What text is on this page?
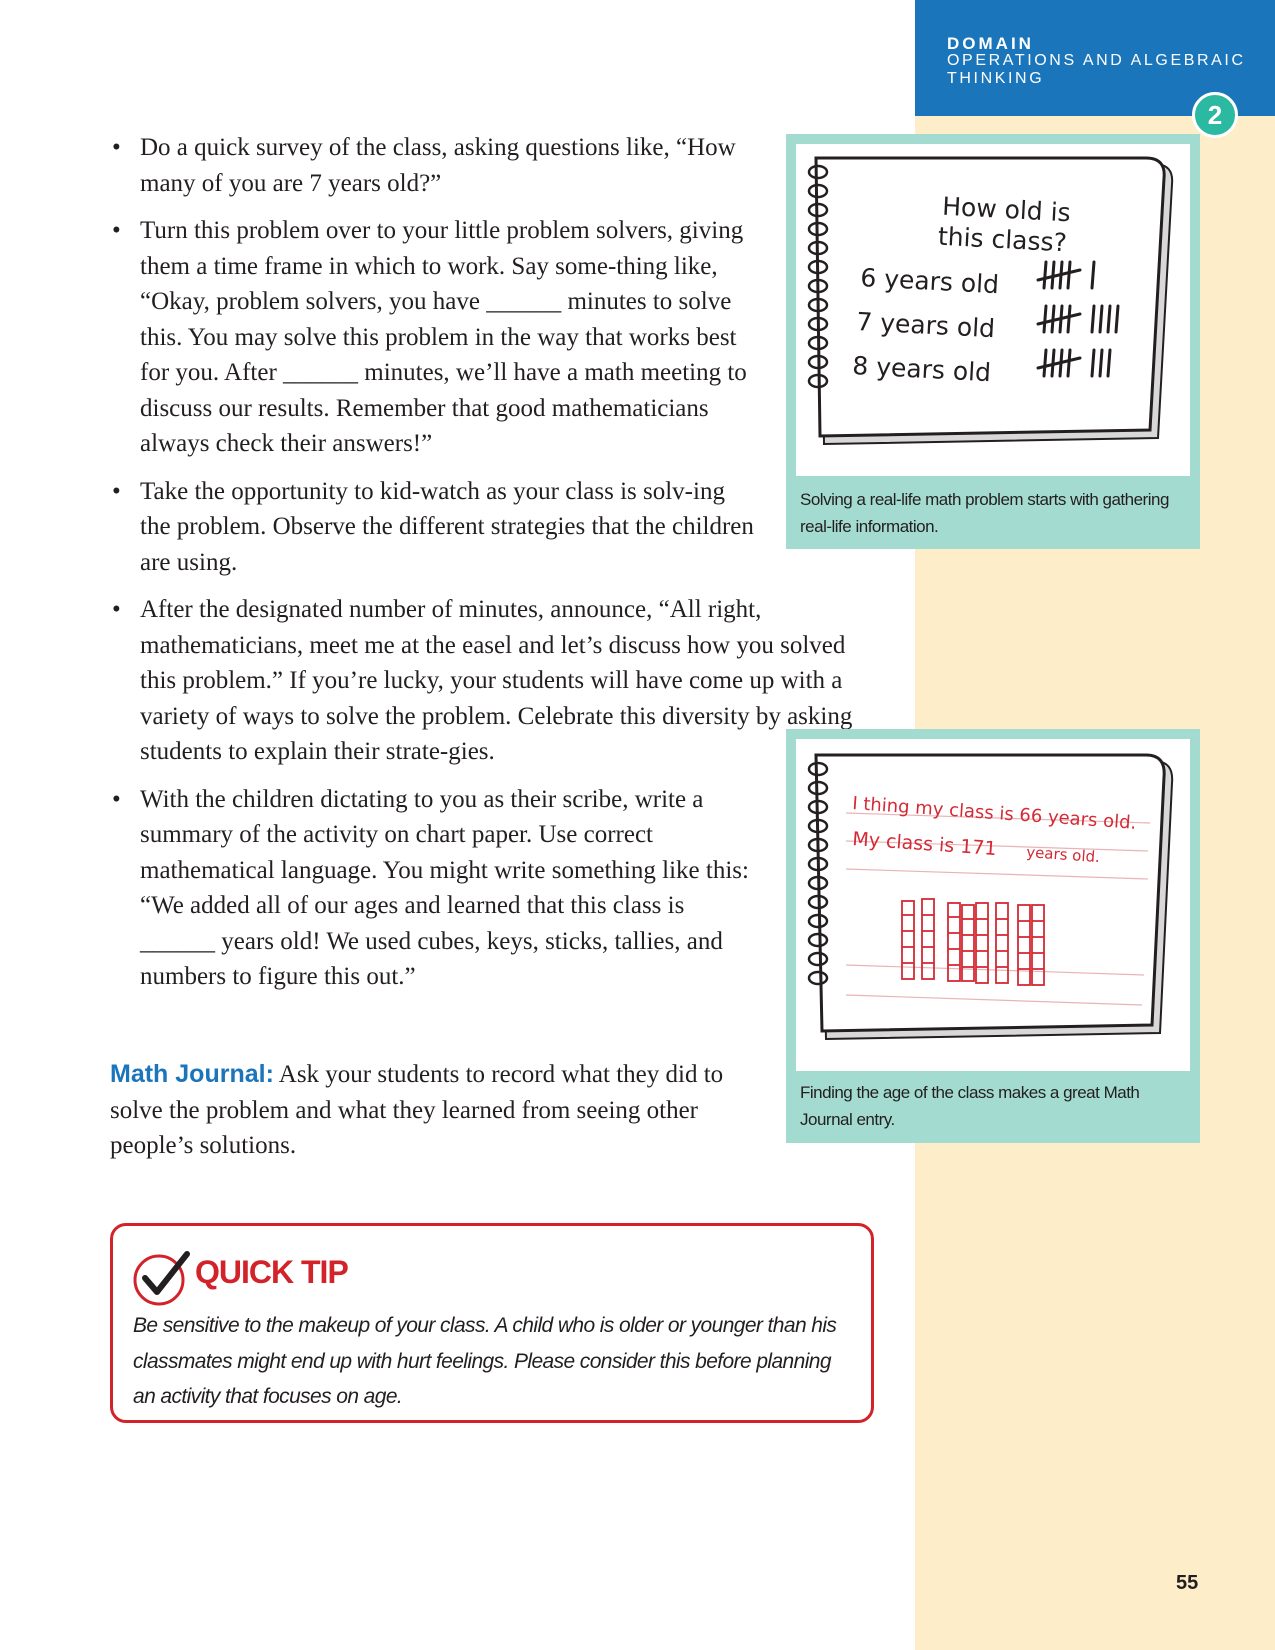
DOMAIN
OPERATIONS AND ALGEBRAIC THINKING
2
• Do a quick survey of the class, asking questions like, “How many of you are 7 years old?”
• Turn this problem over to your little problem solvers, giving them a time frame in which to work. Say some-thing like, “Okay, problem solvers, you have ______ minutes to solve this. You may solve this problem in the way that works best for you. After ______ minutes, we’ll have a math meeting to discuss our results. Remember that good mathematicians always check their answers!”
• Take the opportunity to kid-watch as your class is solv-ing the problem. Observe the different strategies that the children are using.
• After the designated number of minutes, announce, “All right, mathematicians, meet me at the easel and let’s discuss how you solved this problem.” If you’re lucky, your students will have come up with a variety of ways to solve the problem. Celebrate this diversity by asking students to explain their strate-gies.
• With the children dictating to you as their scribe, write a summary of the activity on chart paper. Use correct mathematical language. You might write something like this: “We added all of our ages and learned that this class is ______ years old! We used cubes, keys, sticks, tallies, and numbers to figure this out.”
Math Journal: Ask your students to record what they did to solve the problem and what they learned from seeing other people’s solutions.
How old is
this class?
6 years old
7 years old
8 years old
Solving a real-life math problem starts with gathering real-life information.
I thing my class is 66 years old.
My class is 171 years old.
Finding the age of the class makes a great Math Journal entry.
QUICK TIP
Be sensitive to the makeup of your class. A child who is older or younger than his classmates might end up with hurt feelings. Please consider this before planning an activity that focuses on age.
55
